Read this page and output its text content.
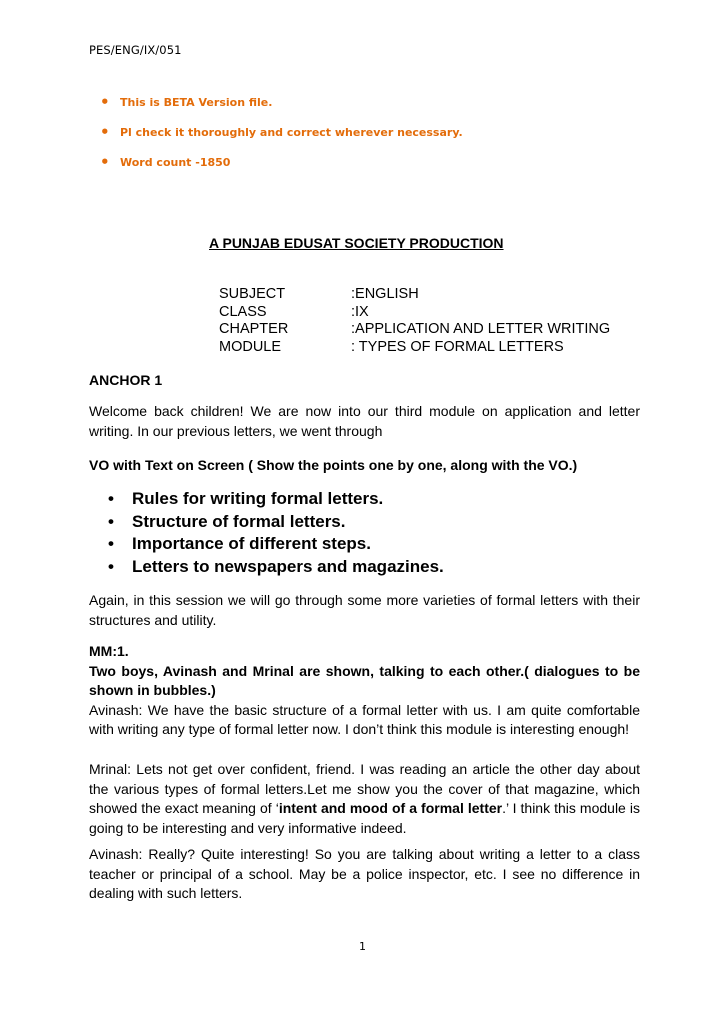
PES/ENG/IX/051
• This is BETA Version file.
• Pl check it thoroughly and correct wherever necessary.
• Word count -1850
A PUNJAB EDUSAT SOCIETY PRODUCTION
SUBJECT	:ENGLISH
CLASS	:IX
CHAPTER	:APPLICATION AND LETTER WRITING
MODULE	: TYPES OF FORMAL LETTERS
ANCHOR 1
Welcome back children! We are now into our third module on application and letter writing. In our previous letters, we went through
VO with Text on Screen ( Show the points one by one, along with the VO.)
• Rules for writing formal letters.
• Structure of formal letters.
• Importance of different steps.
• Letters to newspapers and magazines.
Again, in this session we will go through some more varieties of formal letters with their structures and utility.
MM:1.
Two boys, Avinash and Mrinal are shown, talking to each other.( dialogues to be shown in bubbles.)
Avinash: We have the basic structure of a formal letter with us. I am quite comfortable with writing any type of formal letter now. I don’t think this module is interesting enough!
Mrinal: Lets not get over confident, friend. I was reading an article the other day about the various types of formal letters.Let me show you the cover of that magazine, which showed the exact meaning of ‘intent and mood of a formal letter.’ I think this module is going to be interesting and very informative indeed.
Avinash: Really? Quite interesting! So you are talking about writing a letter to a class teacher or principal of a school. May be a police inspector, etc. I see no difference in dealing with such letters.
1
